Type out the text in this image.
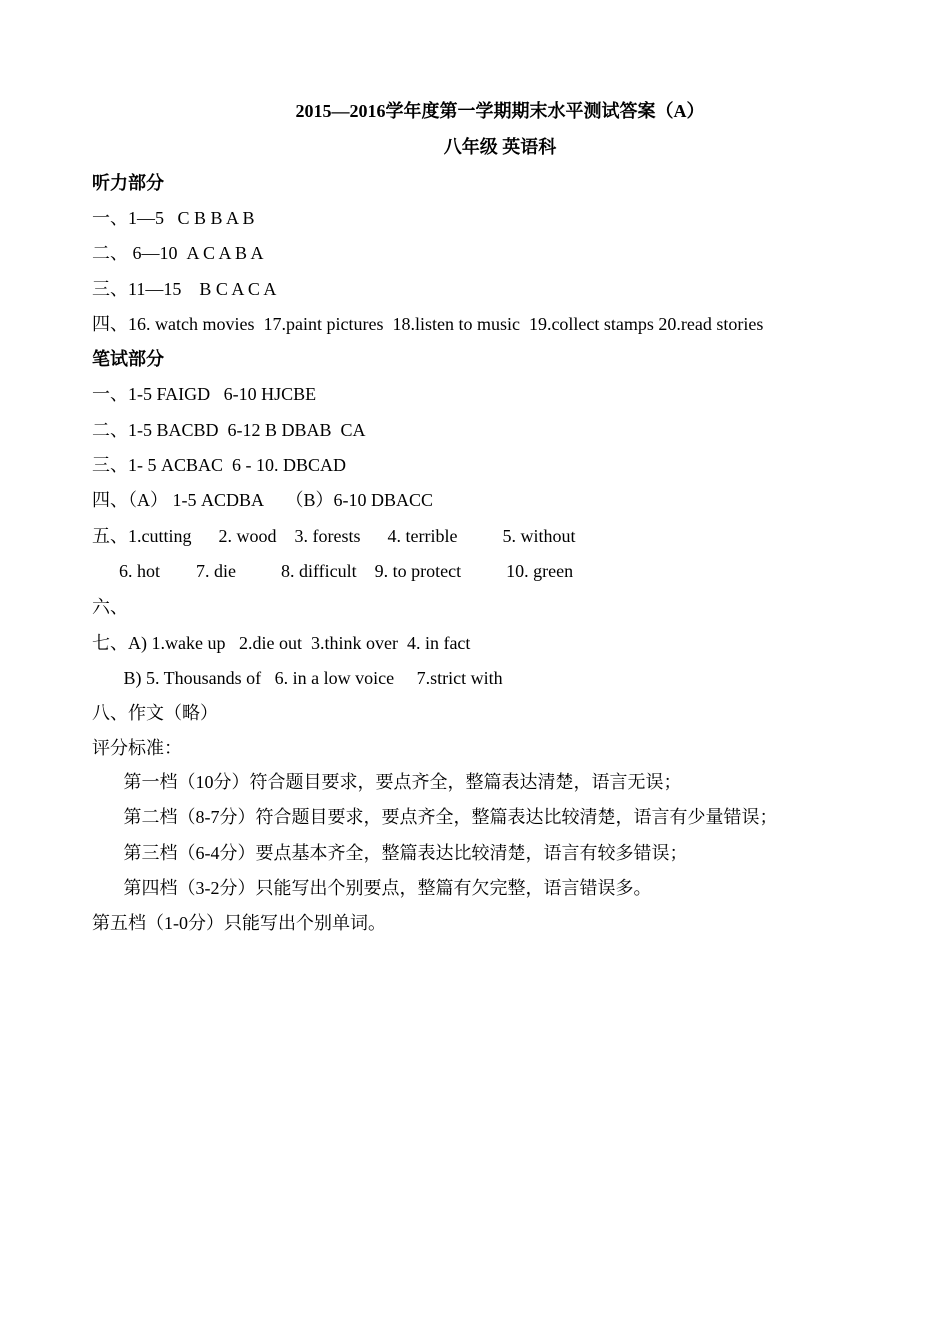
2015—2016学年度第一学期期末水平测试答案（A）
八年级 英语科
听力部分
一、1—5   C B B A B
二、 6—10  A C A B A
三、11—15    B C A C A
四、16. watch movies  17.paint pictures  18.listen to music  19.collect stamps 20.read stories
笔试部分
一、1-5 FAIGD   6-10 HJCBE
二、1-5 BACBD  6-12 B DBAB  CA
三、1- 5 ACBAC  6 - 10. DBCAD
四、（A） 1-5 ACDBA     （B）6-10 DBACC
五、1.cutting      2. wood    3. forests      4. terrible          5. without
6. hot        7. die          8. difficult    9. to protect          10. green
六、
七、A) 1.wake up   2.die out  3.think over  4. in fact
B) 5. Thousands of   6. in a low voice     7.strict with
八、作文（略）
评分标准：
第一档（10分）符合题目要求，要点齐全，整篇表达清楚，语言无误；
第二档（8-7分）符合题目要求，要点齐全，整篇表达比较清楚，语言有少量错误；
第三档（6-4分）要点基本齐全，整篇表达比较清楚，语言有较多错误；
第四档（3-2分）只能写出个别要点，整篇有欠完整，语言错误多。
第五档（1-0分）只能写出个别单词。
